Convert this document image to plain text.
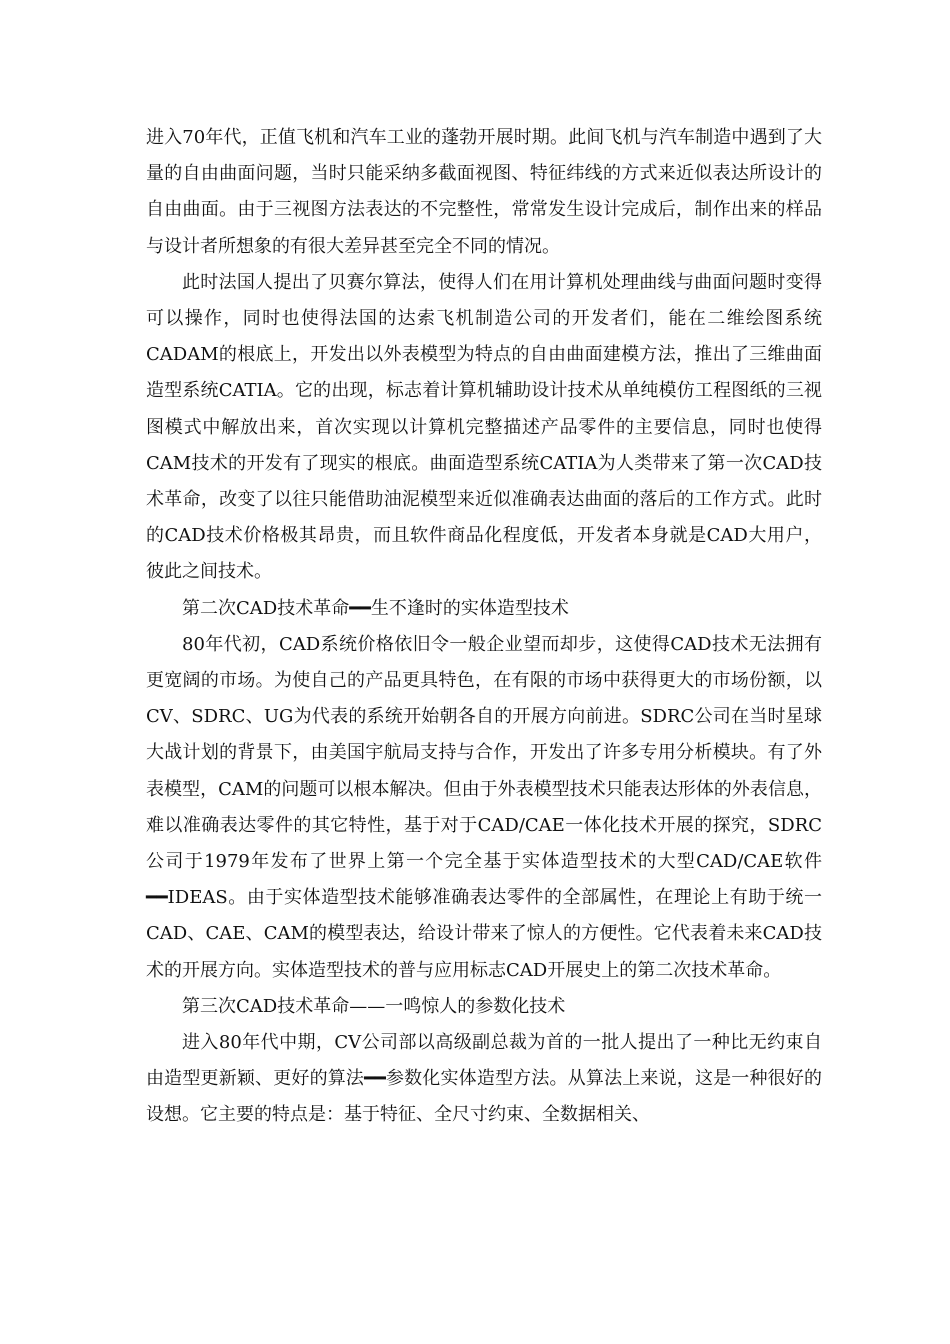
进入70年代，正值飞机和汽车工业的蓬勃开展时期。此间飞机与汽车制造中遇到了大量的自由曲面问题，当时只能采纳多截面视图、特征纬线的方式来近似表达所设计的自由曲面。由于三视图方法表达的不完整性，常常发生设计完成后，制作出来的样品与设计者所想象的有很大差异甚至完全不同的情况。

此时法国人提出了贝赛尔算法，使得人们在用计算机处理曲线与曲面问题时变得可以操作，同时也使得法国的达索飞机制造公司的开发者们，能在二维绘图系统CADAM的根底上，开发出以外表模型为特点的自由曲面建模方法，推出了三维曲面造型系统CATIA。它的出现，标志着计算机辅助设计技术从单纯模仿工程图纸的三视图模式中解放出来，首次实现以计算机完整描述产品零件的主要信息，同时也使得CAM技术的开发有了现实的根底。曲面造型系统CATIA为人类带来了第一次CAD技术革命，改变了以往只能借助油泥模型来近似准确表达曲面的落后的工作方式。此时的CAD技术价格极其昂贵，而且软件商品化程度低，开发者本身就是CAD大用户，彼此之间技术。

第二次CAD技术革命━━生不逢时的实体造型技术

80年代初，CAD系统价格依旧令一般企业望而却步，这使得CAD技术无法拥有更宽阔的市场。为使自己的产品更具特色，在有限的市场中获得更大的市场份额，以CV、SDRC、UG为代表的系统开始朝各自的开展方向前进。SDRC公司在当时星球大战计划的背景下，由美国宇航局支持与合作，开发出了许多专用分析模块。有了外表模型，CAM的问题可以根本解决。但由于外表模型技术只能表达形体的外表信息，难以准确表达零件的其它特性，基于对于CAD/CAE一体化技术开展的探究，SDRC公司于1979年发布了世界上第一个完全基于实体造型技术的大型CAD/CAE软件━━IDEAS。由于实体造型技术能够准确表达零件的全部属性，在理论上有助于统一CAD、CAE、CAM的模型表达，给设计带来了惊人的方便性。它代表着未来CAD技术的开展方向。实体造型技术的普与应用标志CAD开展史上的第二次技术革命。

第三次CAD技术革命——一鸣惊人的参数化技术

进入80年代中期，CV公司部以高级副总裁为首的一批人提出了一种比无约束自由造型更新颖、更好的算法━━参数化实体造型方法。从算法上来说，这是一种很好的设想。它主要的特点是：基于特征、全尺寸约束、全数据相关、
